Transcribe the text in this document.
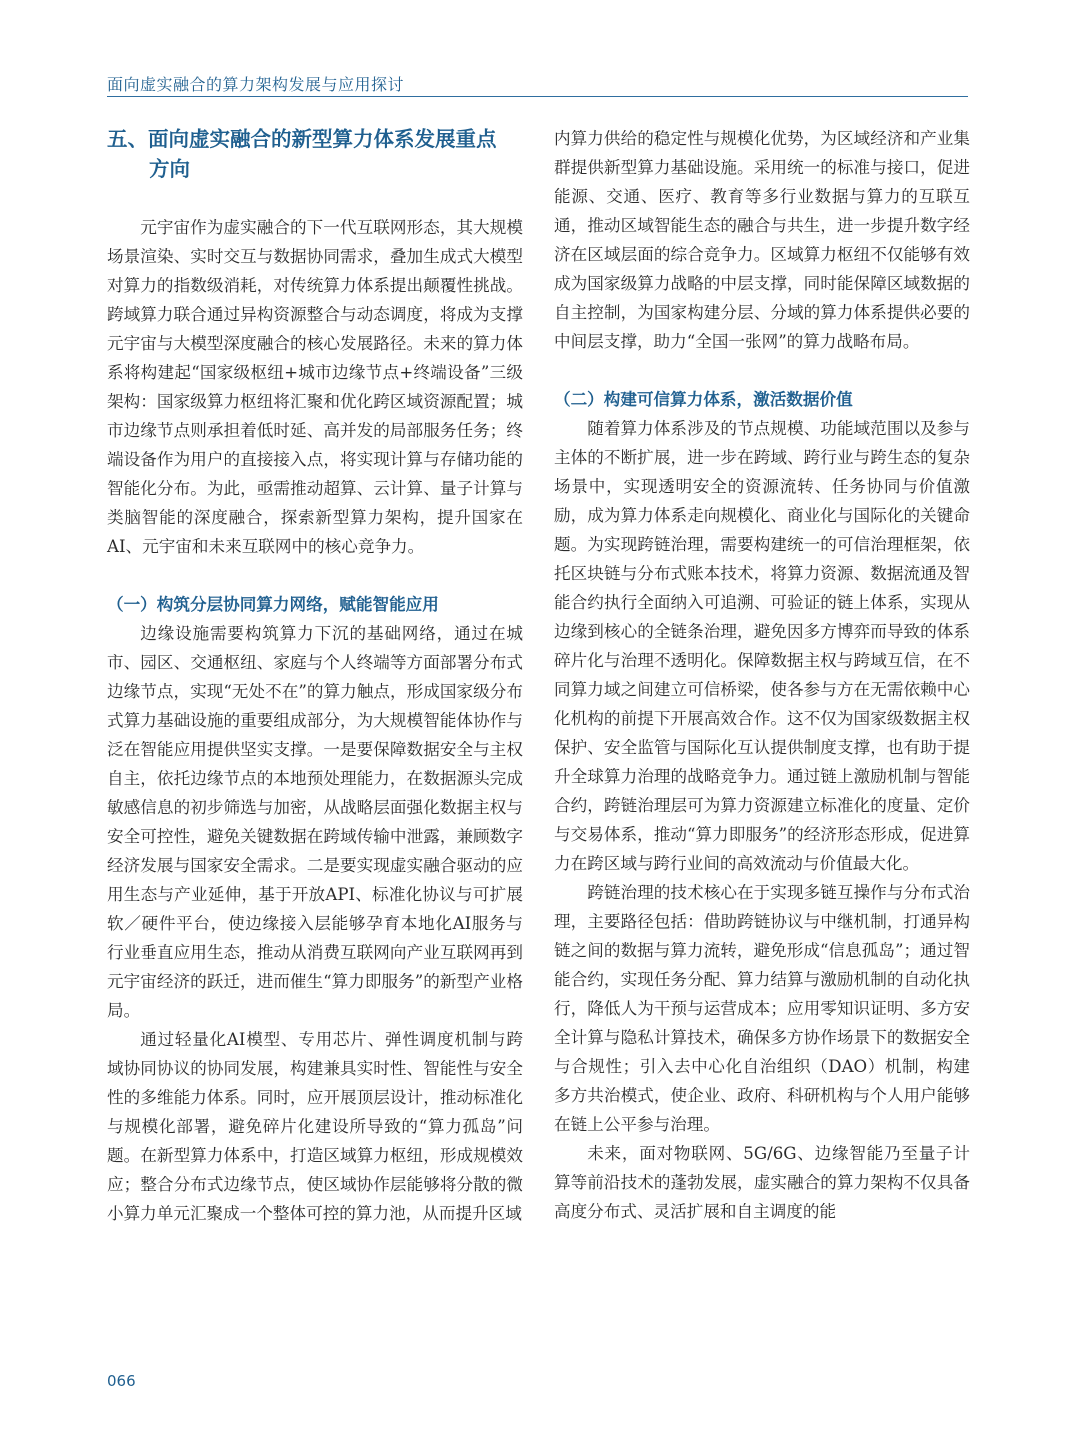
面向虚实融合的算力架构发展与应用探讨
五、面向虚实融合的新型算力体系发展重点
方向

元宇宙作为虚实融合的下一代互联网形态，其大规模场景渲染、实时交互与数据协同需求，叠加生成式大模型对算力的指数级消耗，对传统算力体系提出颠覆性挑战。跨域算力联合通过异构资源整合与动态调度，将成为支撑元宇宙与大模型深度融合的核心发展路径。未来的算力体系将构建起“国家级枢纽+城市边缘节点+终端设备”三级架构：国家级算力枢纽将汇聚和优化跨区域资源配置；城市边缘节点则承担着低时延、高并发的局部服务任务；终端设备作为用户的直接接入点，将实现计算与存储功能的智能化分布。为此，亟需推动超算、云计算、量子计算与类脑智能的深度融合，探索新型算力架构，提升国家在AI、元宇宙和未来互联网中的核心竞争力。

（一）构筑分层协同算力网络，赋能智能应用

边缘设施需要构筑算力下沉的基础网络，通过在城市、园区、交通枢纽、家庭与个人终端等方面部署分布式边缘节点，实现“无处不在”的算力触点，形成国家级分布式算力基础设施的重要组成部分，为大规模智能体协作与泛在智能应用提供坚实支撑。一是要保障数据安全与主权自主，依托边缘节点的本地预处理能力，在数据源头完成敏感信息的初步筛选与加密，从战略层面强化数据主权与安全可控性，避免关键数据在跨域传输中泄露，兼顾数字经济发展与国家安全需求。二是要实现虚实融合驱动的应用生态与产业延伸，基于开放API、标准化协议与可扩展软／硬件平台，使边缘接入层能够孕育本地化AI服务与行业垂直应用生态，推动从消费互联网向产业互联网再到元宇宙经济的跃迁，进而催生“算力即服务”的新型产业格局。

通过轻量化AI模型、专用芯片、弹性调度机制与跨域协同协议的协同发展，构建兼具实时性、智能性与安全性的多维能力体系。同时，应开展顶层设计，推动标准化与规模化部署，避免碎片化建设所导致的“算力孤岛”问题。在新型算力体系中，打造区域算力枢纽，形成规模效应；整合分布式边缘节点，使区域协作层能够将分散的微小算力单元汇聚成一个整体可控的算力池，从而提升区域

内算力供给的稳定性与规模化优势，为区域经济和产业集群提供新型算力基础设施。采用统一的标准与接口，促进能源、交通、医疗、教育等多行业数据与算力的互联互通，推动区域智能生态的融合与共生，进一步提升数字经济在区域层面的综合竞争力。区域算力枢纽不仅能够有效成为国家级算力战略的中层支撑，同时能保障区域数据的自主控制，为国家构建分层、分域的算力体系提供必要的中间层支撑，助力“全国一张网”的算力战略布局。

（二）构建可信算力体系，激活数据价值

随着算力体系涉及的节点规模、功能域范围以及参与主体的不断扩展，进一步在跨域、跨行业与跨生态的复杂场景中，实现透明安全的资源流转、任务协同与价值激励，成为算力体系走向规模化、商业化与国际化的关键命题。为实现跨链治理，需要构建统一的可信治理框架，依托区块链与分布式账本技术，将算力资源、数据流通及智能合约执行全面纳入可追溯、可验证的链上体系，实现从边缘到核心的全链条治理，避免因多方博弈而导致的体系碎片化与治理不透明化。保障数据主权与跨域互信，在不同算力域之间建立可信桥梁，使各参与方在无需依赖中心化机构的前提下开展高效合作。这不仅为国家级数据主权保护、安全监管与国际化互认提供制度支撑，也有助于提升全球算力治理的战略竞争力。通过链上激励机制与智能合约，跨链治理层可为算力资源建立标准化的度量、定价与交易体系，推动“算力即服务”的经济形态形成，促进算力在跨区域与跨行业间的高效流动与价值最大化。

跨链治理的技术核心在于实现多链互操作与分布式治理，主要路径包括：借助跨链协议与中继机制，打通异构链之间的数据与算力流转，避免形成“信息孤岛”；通过智能合约，实现任务分配、算力结算与激励机制的自动化执行，降低人为干预与运营成本；应用零知识证明、多方安全计算与隐私计算技术，确保多方协作场景下的数据安全与合规性；引入去中心化自治组织（DAO）机制，构建多方共治模式，使企业、政府、科研机构与个人用户能够在链上公平参与治理。

未来，面对物联网、5G/6G、边缘智能乃至量子计算等前沿技术的蓬勃发展，虚实融合的算力架构不仅具备高度分布式、灵活扩展和自主调度的能

066
